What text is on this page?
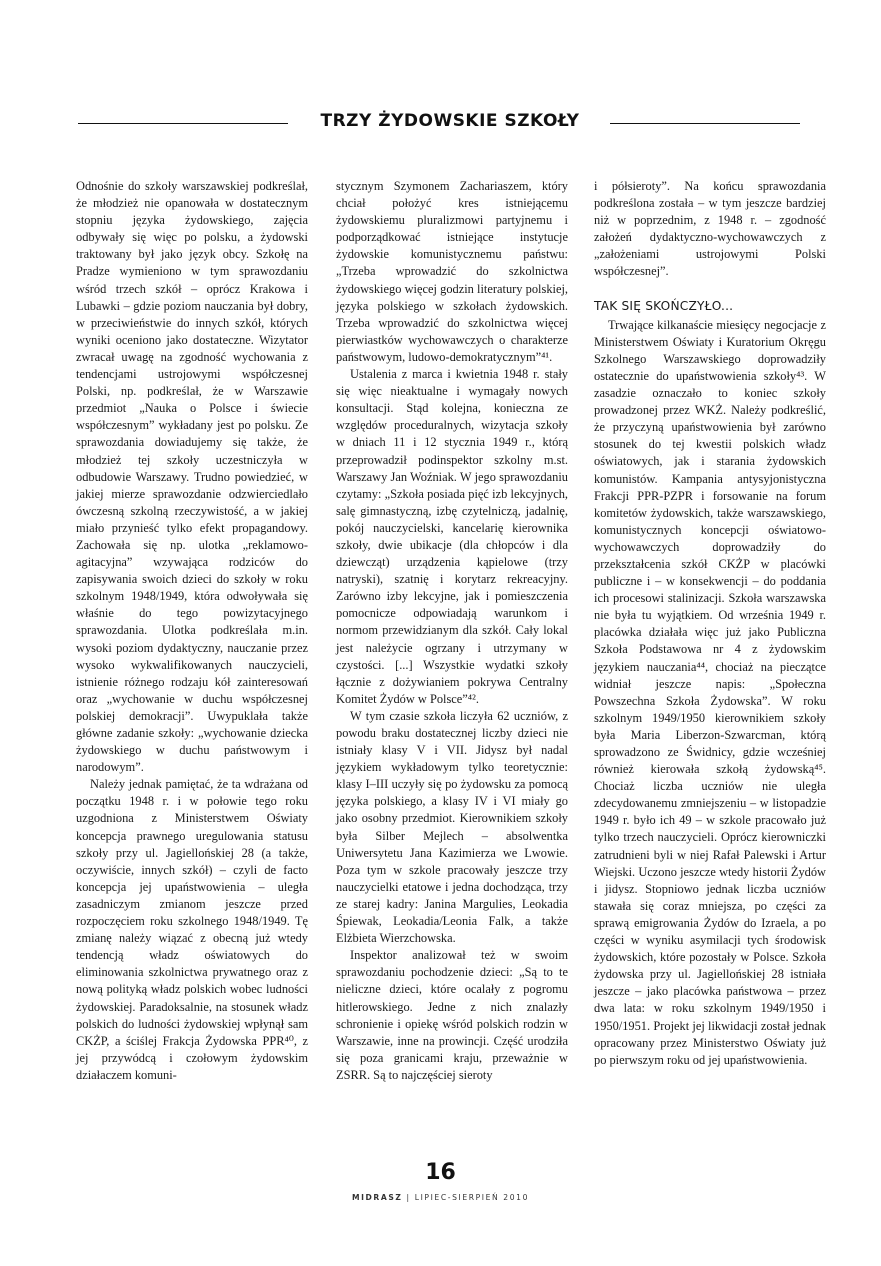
TRZY ŻYDOWSKIE SZKOŁY

Odnośnie do szkoły warszawskiej podkreślał, że młodzież nie opanowała w dostatecznym stopniu języka żydowskiego, zajęcia odbywały się więc po polsku, a żydowski traktowany był jako język obcy. Szkołę na Pradze wymieniono w tym sprawozdaniu wśród trzech szkół – oprócz Krakowa i Lubawki – gdzie poziom nauczania był dobry, w przeciwieństwie do innych szkół, których wyniki oceniono jako dostateczne. Wizytator zwracał uwagę na zgodność wychowania z tendencjami ustrojowymi współczesnej Polski, np. podkreślał, że w Warszawie przedmiot „Nauka o Polsce i świecie współczesnym” wykładany jest po polsku. Ze sprawozdania dowiadujemy się także, że młodzież tej szkoły uczestniczyła w odbudowie Warszawy. Trudno powiedzieć, w jakiej mierze sprawozdanie odzwierciedlało ówczesną szkolną rzeczywistość, a w jakiej miało przynieść tylko efekt propagandowy. Zachowała się np. ulotka „reklamowo-agitacyjna” wzywająca rodziców do zapisywania swoich dzieci do szkoły w roku szkolnym 1948/1949, która odwoływała się właśnie do tego powizytacyjnego sprawozdania. Ulotka podkreślała m.in. wysoki poziom dydaktyczny, nauczanie przez wysoko wykwalifikowanych nauczycieli, istnienie różnego rodzaju kół zainteresowań oraz „wychowanie w duchu współczesnej polskiej demokracji”. Uwypuklała także główne zadanie szkoły: „wychowanie dziecka żydowskiego w duchu państwowym i narodowym”.

Należy jednak pamiętać, że ta wdrażana od początku 1948 r. i w połowie tego roku uzgodniona z Ministerstwem Oświaty koncepcja prawnego uregulowania statusu szkoły przy ul. Jagiellońskiej 28 (a także, oczywiście, innych szkół) – czyli de facto koncepcja jej upaństwowienia – uległa zasadniczym zmianom jeszcze przed rozpoczęciem roku szkolnego 1948/1949. Tę zmianę należy wiązać z obecną już wtedy tendencją władz oświatowych do eliminowania szkolnictwa prywatnego oraz z nową polityką władz polskich wobec ludności żydowskiej. Paradoksalnie, na stosunek władz polskich do ludności żydowskiej wpłynął sam CKŻP, a ściślej Frakcja Żydowska PPR⁴⁰, z jej przywódcą i czołowym żydowskim działaczem komuni-

stycznym Szymonem Zachariaszem, który chciał położyć kres istniejącemu żydowskiemu pluralizmowi partyjnemu i podporządkować istniejące instytucje żydowskie komunistycznemu państwu: „Trzeba wprowadzić do szkolnictwa żydowskiego więcej godzin literatury polskiej, języka polskiego w szkołach żydowskich. Trzeba wprowadzić do szkolnictwa więcej pierwiastków wychowawczych o charakterze państwowym, ludowo-demokratycznym”⁴¹.

Ustalenia z marca i kwietnia 1948 r. stały się więc nieaktualne i wymagały nowych konsultacji. Stąd kolejna, konieczna ze względów proceduralnych, wizytacja szkoły w dniach 11 i 12 stycznia 1949 r., którą przeprowadził podinspektor szkolny m.st. Warszawy Jan Woźniak. W jego sprawozdaniu czytamy: „Szkoła posiada pięć izb lekcyjnych, salę gimnastyczną, izbę czytelniczą, jadalnię, pokój nauczycielski, kancelarię kierownika szkoły, dwie ubikacje (dla chłopców i dla dziewcząt) urządzenia kąpielowe (trzy natryski), szatnię i korytarz rekreacyjny. Zarówno izby lekcyjne, jak i pomieszczenia pomocnicze odpowiadają warunkom i normom przewidzianym dla szkół. Cały lokal jest należycie ogrzany i utrzymany w czystości. [...] Wszystkie wydatki szkoły łącznie z dożywianiem pokrywa Centralny Komitet Żydów w Polsce”⁴².

W tym czasie szkoła liczyła 62 uczniów, z powodu braku dostatecznej liczby dzieci nie istniały klasy V i VII. Jidysz był nadal językiem wykładowym tylko teoretycznie: klasy I–III uczyły się po żydowsku za pomocą języka polskiego, a klasy IV i VI miały go jako osobny przedmiot. Kierownikiem szkoły była Silber Mejlech – absolwentka Uniwersytetu Jana Kazimierza we Lwowie. Poza tym w szkole pracowały jeszcze trzy nauczycielki etatowe i jedna dochodząca, trzy ze starej kadry: Janina Margulies, Leokadia Śpiewak, Leokadia/Leonia Falk, a także Elżbieta Wierzchowska.

Inspektor analizował też w swoim sprawozdaniu pochodzenie dzieci: „Są to te nieliczne dzieci, które ocalały z pogromu hitlerowskiego. Jedne z nich znalazły schronienie i opiekę wśród polskich rodzin w Warszawie, inne na prowincji. Część urodziła się poza granicami kraju, przeważnie w ZSRR. Są to najczęściej sieroty

i półsieroty”. Na końcu sprawozdania podkreślona została – w tym jeszcze bardziej niż w poprzednim, z 1948 r. – zgodność założeń dydaktyczno-wychowawczych z „założeniami ustrojowymi Polski współczesnej”.

TAK SIĘ SKOŃCZYŁO...

Trwające kilkanaście miesięcy negocjacje z Ministerstwem Oświaty i Kuratorium Okręgu Szkolnego Warszawskiego doprowadziły ostatecznie do upaństwowienia szkoły⁴³. W zasadzie oznaczało to koniec szkoły prowadzonej przez WKŻ. Należy podkreślić, że przyczyną upaństwowienia był zarówno stosunek do tej kwestii polskich władz oświatowych, jak i starania żydowskich komunistów. Kampania antysyjonistyczna Frakcji PPR-PZPR i forsowanie na forum komitetów żydowskich, także warszawskiego, komunistycznych koncepcji oświatowo-wychowawczych doprowadziły do przekształcenia szkół CKŻP w placówki publiczne i – w konsekwencji – do poddania ich procesowi stalinizacji. Szkoła warszawska nie była tu wyjątkiem. Od września 1949 r. placówka działała więc już jako Publiczna Szkoła Podstawowa nr 4 z żydowskim językiem nauczania⁴⁴, chociaż na pieczątce widniał jeszcze napis: „Społeczna Powszechna Szkoła Żydowska”. W roku szkolnym 1949/1950 kierownikiem szkoły była Maria Liberzon-Szwarcman, którą sprowadzono ze Świdnicy, gdzie wcześniej również kierowała szkołą żydowską⁴⁵. Chociaż liczba uczniów nie uległa zdecydowanemu zmniejszeniu – w listopadzie 1949 r. było ich 49 – w szkole pracowało już tylko trzech nauczycieli. Oprócz kierowniczki zatrudnieni byli w niej Rafał Palewski i Artur Wiejski. Uczono jeszcze wtedy historii Żydów i jidysz. Stopniowo jednak liczba uczniów stawała się coraz mniejsza, po części za sprawą emigrowania Żydów do Izraela, a po części w wyniku asymilacji tych środowisk żydowskich, które pozostały w Polsce. Szkoła żydowska przy ul. Jagiellońskiej 28 istniała jeszcze – jako placówka państwowa – przez dwa lata: w roku szkolnym 1949/1950 i 1950/1951. Projekt jej likwidacji został jednak opracowany przez Ministerstwo Oświaty już po pierwszym roku od jej upaństwowienia.

16
MIDRASZ | LIPIEC-SIERPIEŃ 2010
